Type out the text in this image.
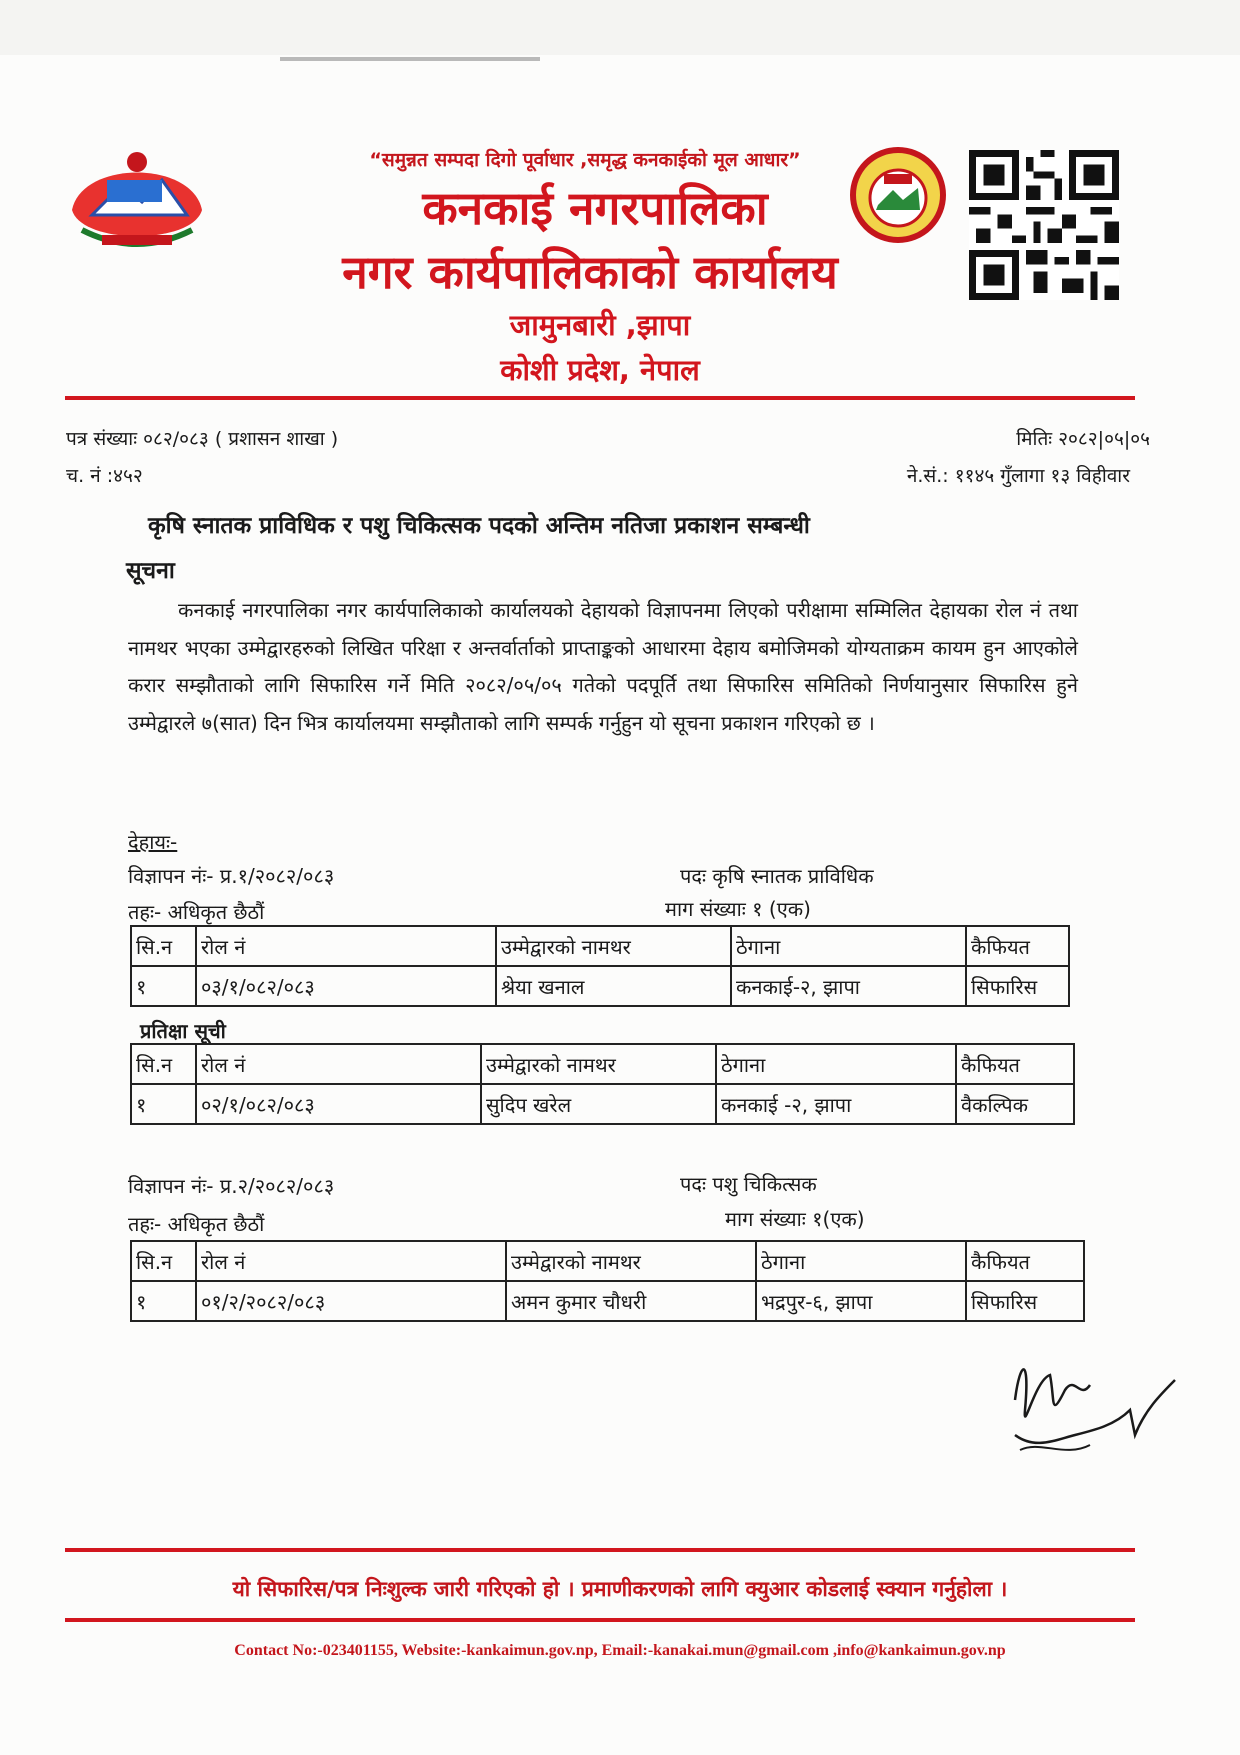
“समुन्नत सम्पदा दिगो पूर्वाधार ,समृद्ध कनकाईको मूल आधार”
कनकाई नगरपालिका
नगर कार्यपालिकाको कार्यालय
जामुनबारी ,झापा
कोशी प्रदेश, नेपाल
पत्र संख्याः ०८२/०८३ ( प्रशासन शाखा )
च. नं :४५२
मितिः २०८२|०५|०५
ने.सं.: ११४५ गुँलागा १३ विहीवार
कृषि स्नातक प्राविधिक र पशु चिकित्सक पदको अन्तिम नतिजा प्रकाशन सम्बन्धी
सूचना
कनकाई नगरपालिका नगर कार्यपालिकाको कार्यालयको देहायको विज्ञापनमा लिएको परीक्षामा सम्मिलित देहायका रोल नं तथा नामथर भएका उम्मेद्वारहरुको लिखित परिक्षा र अन्तर्वार्ताको प्राप्ताङ्कको आधारमा देहाय बमोजिमको योग्यताक्रम कायम हुन आएकोले करार सम्झौताको लागि सिफारिस गर्ने मिति २०८२/०५/०५ गतेको पदपूर्ति तथा सिफारिस समितिको निर्णयानुसार सिफारिस हुने उम्मेद्वारले ७(सात) दिन भित्र कार्यालयमा सम्झौताको लागि सम्पर्क गर्नुहुन यो सूचना प्रकाशन गरिएको छ ।
देहायः-
विज्ञापन नंः- प्र.१/२०८२/०८३	पदः कृषि स्नातक प्राविधिक
तहः- अधिकृत छैठौं	माग संख्याः १ (एक)
सि.न	रोल नं	उम्मेद्वारको नामथर	ठेगाना	कैफियत
१	०३/१/०८२/०८३	श्रेया खनाल	कनकाई-२, झापा	सिफारिस
प्रतिक्षा सूची
सि.न	रोल नं	उम्मेद्वारको नामथर	ठेगाना	कैफियत
१	०२/१/०८२/०८३	सुदिप खरेल	कनकाई -२, झापा	वैकल्पिक
विज्ञापन नंः- प्र.२/२०८२/०८३	पदः पशु चिकित्सक
तहः- अधिकृत छैठौं	माग संख्याः १(एक)
सि.न	रोल नं	उम्मेद्वारको नामथर	ठेगाना	कैफियत
१	०१/२/२०८२/०८३	अमन कुमार चौधरी	भद्रपुर-६, झापा	सिफारिस
यो सिफारिस/पत्र निःशुल्क जारी गरिएको हो । प्रमाणीकरणको लागि क्युआर कोडलाई स्क्यान गर्नुहोला ।
Contact No:-023401155, Website:-kankaimun.gov.np, Email:-kanakai.mun@gmail.com ,info@kankaimun.gov.np
